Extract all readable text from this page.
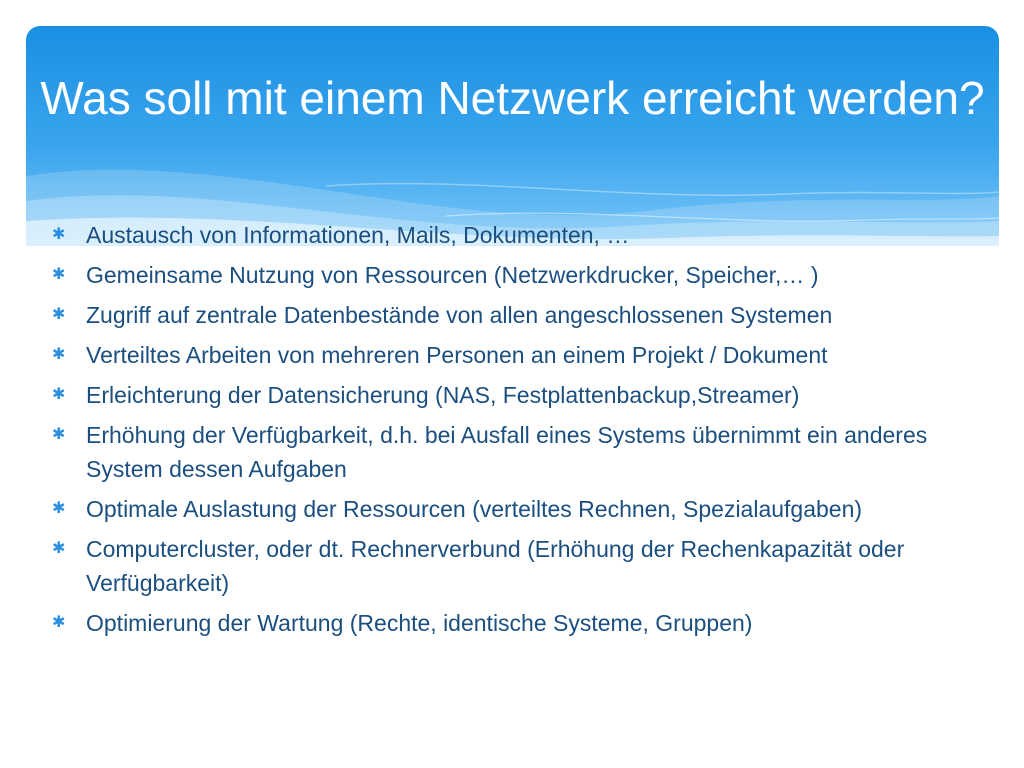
Was soll mit einem Netzwerk erreicht werden?
✱ Austausch von Informationen, Mails, Dokumenten, …
✱ Gemeinsame Nutzung von Ressourcen (Netzwerkdrucker, Speicher,… )
✱ Zugriff auf zentrale Datenbestände von allen angeschlossenen Systemen
✱ Verteiltes Arbeiten von mehreren Personen an einem Projekt / Dokument
✱ Erleichterung der Datensicherung (NAS, Festplattenbackup,Streamer)
✱ Erhöhung der Verfügbarkeit, d.h. bei Ausfall eines Systems übernimmt ein anderes System dessen Aufgaben
✱ Optimale Auslastung der Ressourcen (verteiltes Rechnen, Spezialaufgaben)
✱ Computercluster, oder dt. Rechnerverbund (Erhöhung der Rechenkapazität oder Verfügbarkeit)
✱ Optimierung der Wartung (Rechte, identische Systeme, Gruppen)
